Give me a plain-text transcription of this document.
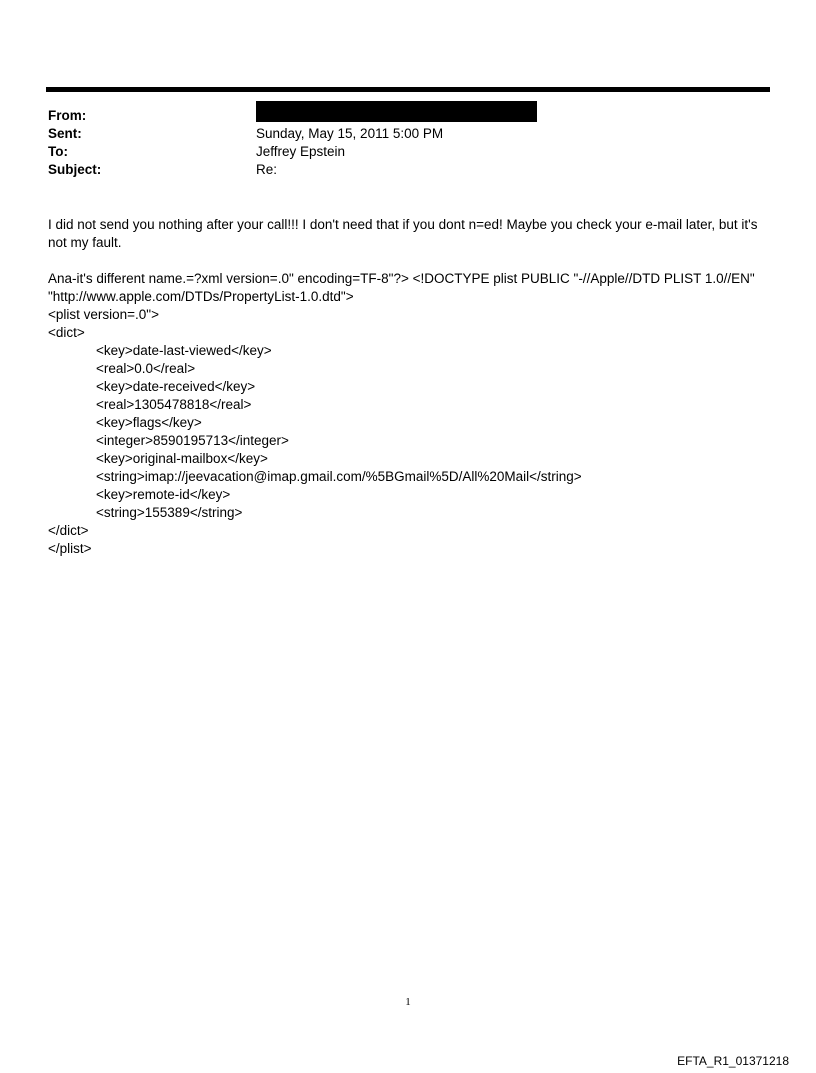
From:
Sent:	Sunday, May 15, 2011 5:00 PM
To:	Jeffrey Epstein
Subject:	Re:

I did not send you nothing after your call!!! I don't need that if you dont n=ed! Maybe you check your e-mail later, but it's not my fault.

Ana-it's different name.=?xml version=.0" encoding=TF-8"?> <!DOCTYPE plist PUBLIC "-//Apple//DTD PLIST 1.0//EN"
"http://www.apple.com/DTDs/PropertyList-1.0.dtd">
<plist version=.0">
<dict>
<key>date-last-viewed</key>
<real>0.0</real>
<key>date-received</key>
<real>1305478818</real>
<key>flags</key>
<integer>8590195713</integer>
<key>original-mailbox</key>
<string>imap://jeevacation@imap.gmail.com/%5BGmail%5D/All%20Mail</string>
<key>remote-id</key>
<string>155389</string>
</dict>
</plist>
1
EFTA_R1_01371218
